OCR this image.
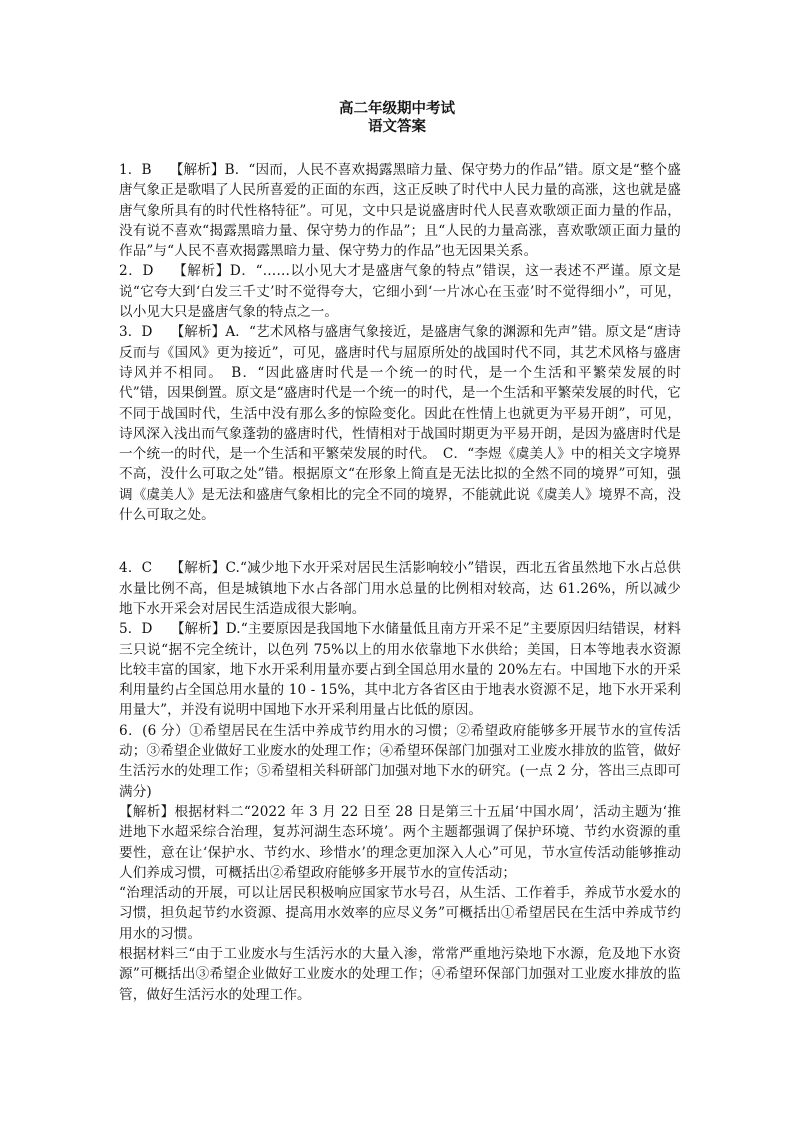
高二年级期中考试
语文答案

1．B　 【解析】B．“因而，人民不喜欢揭露黑暗力量、保守势力的作品”错。原文是“整个盛唐气象正是歌唱了人民所喜爱的正面的东西，这正反映了时代中人民力量的高涨，这也就是盛唐气象所具有的时代性格特征”。可见，文中只是说盛唐时代人民喜欢歌颂正面力量的作品，没有说不喜欢“揭露黑暗力量、保守势力的作品”；且“人民的力量高涨，喜欢歌颂正面力量的作品”与“人民不喜欢揭露黑暗力量、保守势力的作品”也无因果关系。

2．D　 【解析】D．“……以小见大才是盛唐气象的特点”错误，这一表述不严谨。原文是说“它夸大到‘白发三千丈’时不觉得夸大，它细小到‘一片冰心在玉壶’时不觉得细小”，可见，以小见大只是盛唐气象的特点之一。

3．D　 【解析】A．“艺术风格与盛唐气象接近，是盛唐气象的渊源和先声”错。原文是“唐诗反而与《国风》更为接近”，可见，盛唐时代与屈原所处的战国时代不同，其艺术风格与盛唐诗风并不相同。　B．“因此盛唐时代是一个统一的时代，是一个生活和平繁荣发展的时代”错，因果倒置。原文是“盛唐时代是一个统一的时代，是一个生活和平繁荣发展的时代，它不同于战国时代，生活中没有那么多的惊险变化。因此在性情上也就更为平易开朗”，可见，诗风深入浅出而气象蓬勃的盛唐时代，性情相对于战国时期更为平易开朗，是因为盛唐时代是一个统一的时代，是一个生活和平繁荣发展的时代。　C．“李煜《虞美人》中的相关文字境界不高，没什么可取之处”错。根据原文“在形象上简直是无法比拟的全然不同的境界”可知，强调《虞美人》是无法和盛唐气象相比的完全不同的境界，不能就此说《虞美人》境界不高，没什么可取之处。

4．C　 【解析】C.“减少地下水开采对居民生活影响较小”错误，西北五省虽然地下水占总供水量比例不高，但是城镇地下水占各部门用水总量的比例相对较高，达 61.26%，所以减少地下水开采会对居民生活造成很大影响。

5．D　 【解析】D.“主要原因是我国地下水储量低且南方开采不足”主要原因归结错误，材料三只说“据不完全统计，以色列 75%以上的用水依靠地下水供给；美国，日本等地表水资源比较丰富的国家，地下水开采利用量亦要占到全国总用水量的 20%左右。中国地下水的开采利用量约占全国总用水量的 10 - 15%，其中北方各省区由于地表水资源不足，地下水开采利用量大”，并没有说明中国地下水开采利用量占比低的原因。

6．(6 分）①希望居民在生活中养成节约用水的习惯；②希望政府能够多开展节水的宣传活动；③希望企业做好工业废水的处理工作；④希望环保部门加强对工业废水排放的监管，做好生活污水的处理工作；⑤希望相关科研部门加强对地下水的研究。(一点 2 分，答出三点即可满分)

【解析】根据材料二“2022 年 3 月 22 日至 28 日是第三十五届‘中国水周’，活动主题为‘推进地下水超采综合治理，复苏河湖生态环境’。两个主题都强调了保护环境、节约水资源的重要性，意在让‘保护水、节约水、珍惜水’的理念更加深入人心”可见，节水宣传活动能够推动人们养成习惯，可概括出②希望政府能够多开展节水的宣传活动；

“治理活动的开展，可以让居民积极响应国家节水号召，从生活、工作着手，养成节水爱水的习惯，担负起节约水资源、提高用水效率的应尽义务”可概括出①希望居民在生活中养成节约用水的习惯。

根据材料三“由于工业废水与生活污水的大量入渗，常常严重地污染地下水源，危及地下水资源”可概括出③希望企业做好工业废水的处理工作；④希望环保部门加强对工业废水排放的监管，做好生活污水的处理工作。
